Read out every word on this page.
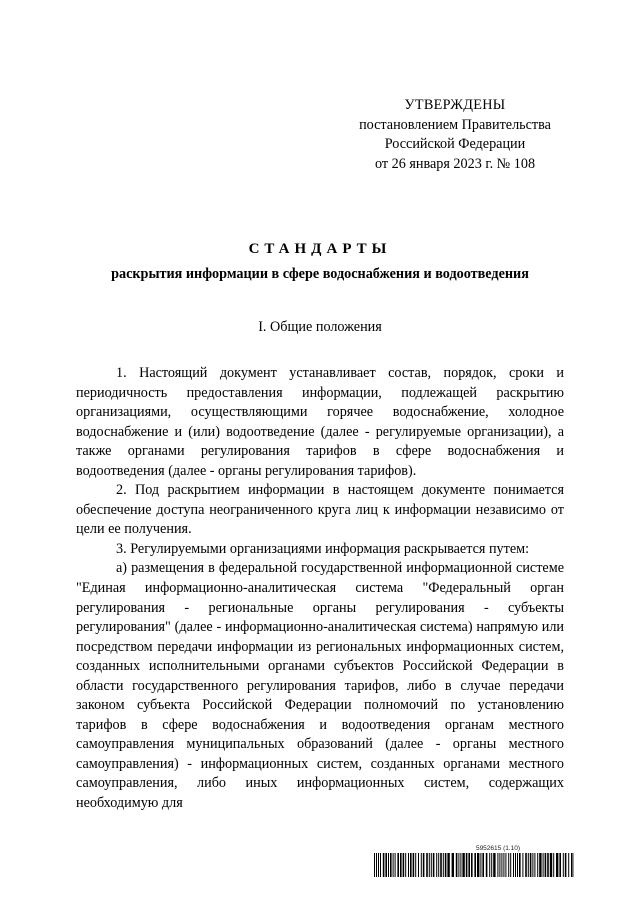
УТВЕРЖДЕНЫ
постановлением Правительства
Российской Федерации
от 26 января 2023 г. № 108
СТАНДАРТЫ
раскрытия информации в сфере водоснабжения и водоотведения
I. Общие положения

1. Настоящий документ устанавливает состав, порядок, сроки и периодичность предоставления информации, подлежащей раскрытию организациями, осуществляющими горячее водоснабжение, холодное водоснабжение и (или) водоотведение (далее - регулируемые организации), а также органами регулирования тарифов в сфере водоснабжения и водоотведения (далее - органы регулирования тарифов).

2. Под раскрытием информации в настоящем документе понимается обеспечение доступа неограниченного круга лиц к информации независимо от цели ее получения.

3. Регулируемыми организациями информация раскрывается путем:

а) размещения в федеральной государственной информационной системе "Единая информационно-аналитическая система "Федеральный орган регулирования - региональные органы регулирования - субъекты регулирования" (далее - информационно-аналитическая система) напрямую или посредством передачи информации из региональных информационных систем, созданных исполнительными органами субъектов Российской Федерации в области государственного регулирования тарифов, либо в случае передачи законом субъекта Российской Федерации полномочий по установлению тарифов в сфере водоснабжения и водоотведения органам местного самоуправления муниципальных образований (далее - органы местного самоуправления) - информационных систем, созданных органами местного самоуправления, либо иных информационных систем, содержащих необходимую для

5952615 (1.10)
